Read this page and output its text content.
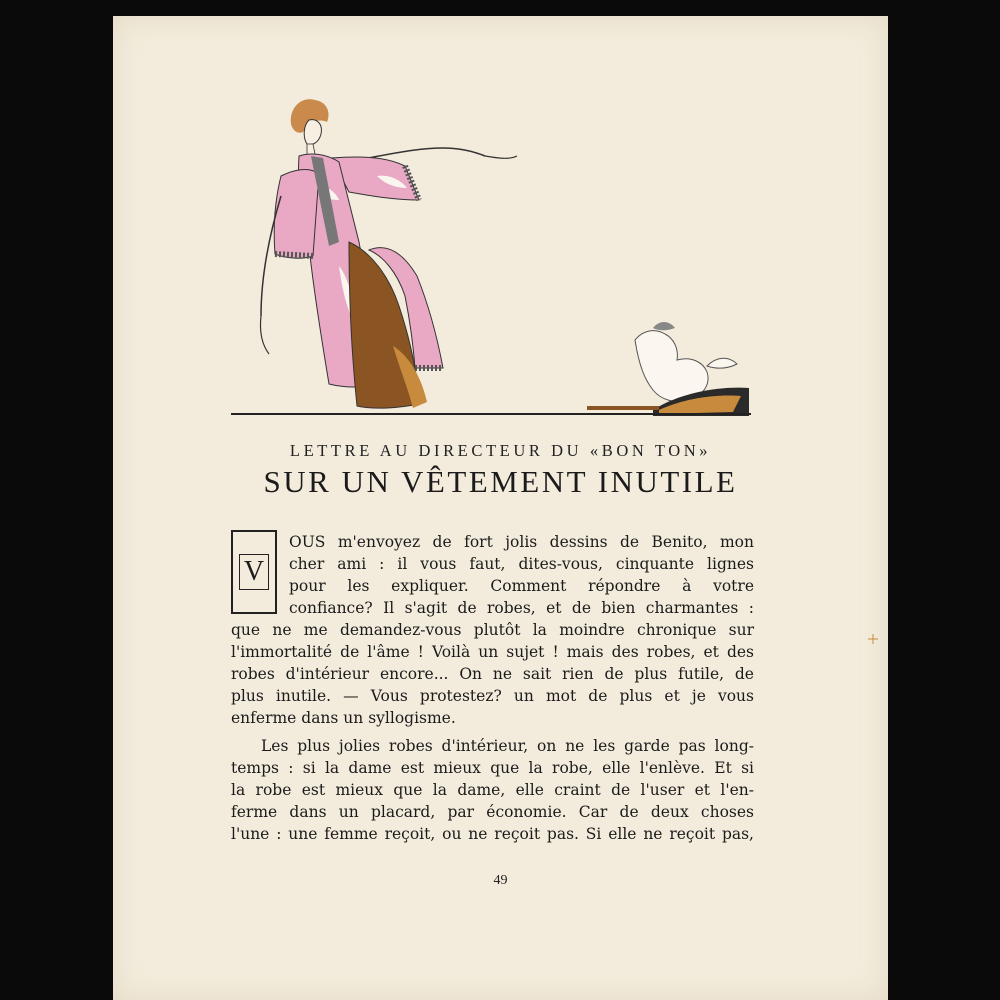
LETTRE AU DIRECTEUR DU «BON TON»
SUR UN VÊTEMENT INUTILE
V
OUS m'envoyez de fort jolis dessins de Benito, mon
cher ami : il vous faut, dites-vous, cinquante lignes
pour les expliquer. Comment répondre à votre
confiance? Il s'agit de robes, et de bien charmantes :
que ne me demandez-vous plutôt la moindre chronique sur
l'immortalité de l'âme ! Voilà un sujet ! mais des robes, et des
robes d'intérieur encore... On ne sait rien de plus futile, de
plus inutile. — Vous protestez? un mot de plus et je vous
enferme dans un syllogisme.
Les plus jolies robes d'intérieur, on ne les garde pas long-
temps : si la dame est mieux que la robe, elle l'enlève. Et si
la robe est mieux que la dame, elle craint de l'user et l'en-
ferme dans un placard, par économie. Car de deux choses
l'une : une femme reçoit, ou ne reçoit pas. Si elle ne reçoit pas,
49
